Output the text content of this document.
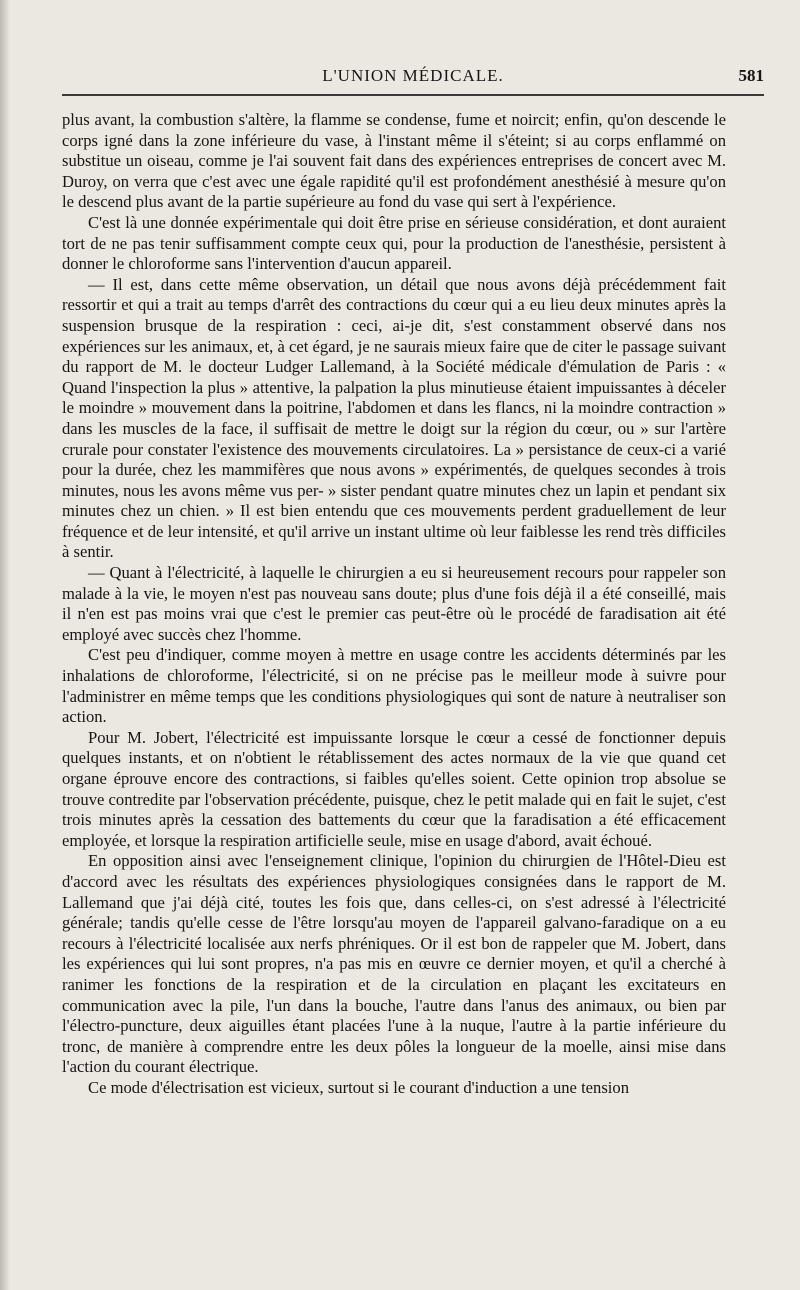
L'UNION MÉDICALE.	581

plus avant, la combustion s'altère, la flamme se condense, fume et noircit; enfin, qu'on descende le corps igné dans la zone inférieure du vase, à l'instant même il s'éteint; si au corps enflammé on substitue un oiseau, comme je l'ai souvent fait dans des expériences entreprises de concert avec M. Duroy, on verra que c'est avec une égale rapidité qu'il est profondément anesthésié à mesure qu'on le descend plus avant de la partie supérieure au fond du vase qui sert à l'expérience.

C'est là une donnée expérimentale qui doit être prise en sérieuse considération, et dont auraient tort de ne pas tenir suffisamment compte ceux qui, pour la production de l'anesthésie, persistent à donner le chloroforme sans l'intervention d'aucun appareil.

— Il est, dans cette même observation, un détail que nous avons déjà précédemment fait ressortir et qui a trait au temps d'arrêt des contractions du cœur qui a eu lieu deux minutes après la suspension brusque de la respiration : ceci, ai-je dit, s'est constamment observé dans nos expériences sur les animaux, et, à cet égard, je ne saurais mieux faire que de citer le passage suivant du rapport de M. le docteur Ludger Lallemand, à la Société médicale d'émulation de Paris : « Quand l'inspection la plus » attentive, la palpation la plus minutieuse étaient impuissantes à déceler le moindre » mouvement dans la poitrine, l'abdomen et dans les flancs, ni la moindre contraction » dans les muscles de la face, il suffisait de mettre le doigt sur la région du cœur, ou » sur l'artère crurale pour constater l'existence des mouvements circulatoires. La » persistance de ceux-ci a varié pour la durée, chez les mammifères que nous avons » expérimentés, de quelques secondes à trois minutes, nous les avons même vus per- » sister pendant quatre minutes chez un lapin et pendant six minutes chez un chien. » Il est bien entendu que ces mouvements perdent graduellement de leur fréquence et de leur intensité, et qu'il arrive un instant ultime où leur faiblesse les rend très difficiles à sentir.

— Quant à l'électricité, à laquelle le chirurgien a eu si heureusement recours pour rappeler son malade à la vie, le moyen n'est pas nouveau sans doute; plus d'une fois déjà il a été conseillé, mais il n'en est pas moins vrai que c'est le premier cas peut-être où le procédé de faradisation ait été employé avec succès chez l'homme.

C'est peu d'indiquer, comme moyen à mettre en usage contre les accidents déterminés par les inhalations de chloroforme, l'électricité, si on ne précise pas le meilleur mode à suivre pour l'administrer en même temps que les conditions physiologiques qui sont de nature à neutraliser son action.

Pour M. Jobert, l'électricité est impuissante lorsque le cœur a cessé de fonctionner depuis quelques instants, et on n'obtient le rétablissement des actes normaux de la vie que quand cet organe éprouve encore des contractions, si faibles qu'elles soient. Cette opinion trop absolue se trouve contredite par l'observation précédente, puisque, chez le petit malade qui en fait le sujet, c'est trois minutes après la cessation des battements du cœur que la faradisation a été efficacement employée, et lorsque la respiration artificielle seule, mise en usage d'abord, avait échoué.

En opposition ainsi avec l'enseignement clinique, l'opinion du chirurgien de l'Hôtel-Dieu est d'accord avec les résultats des expériences physiologiques consignées dans le rapport de M. Lallemand que j'ai déjà cité, toutes les fois que, dans celles-ci, on s'est adressé à l'électricité générale; tandis qu'elle cesse de l'être lorsqu'au moyen de l'appareil galvano-faradique on a eu recours à l'électricité localisée aux nerfs phréniques. Or il est bon de rappeler que M. Jobert, dans les expériences qui lui sont propres, n'a pas mis en œuvre ce dernier moyen, et qu'il a cherché à ranimer les fonctions de la respiration et de la circulation en plaçant les excitateurs en communication avec la pile, l'un dans la bouche, l'autre dans l'anus des animaux, ou bien par l'électro-puncture, deux aiguilles étant placées l'une à la nuque, l'autre à la partie inférieure du tronc, de manière à comprendre entre les deux pôles la longueur de la moelle, ainsi mise dans l'action du courant électrique.

Ce mode d'électrisation est vicieux, surtout si le courant d'induction a une tension
